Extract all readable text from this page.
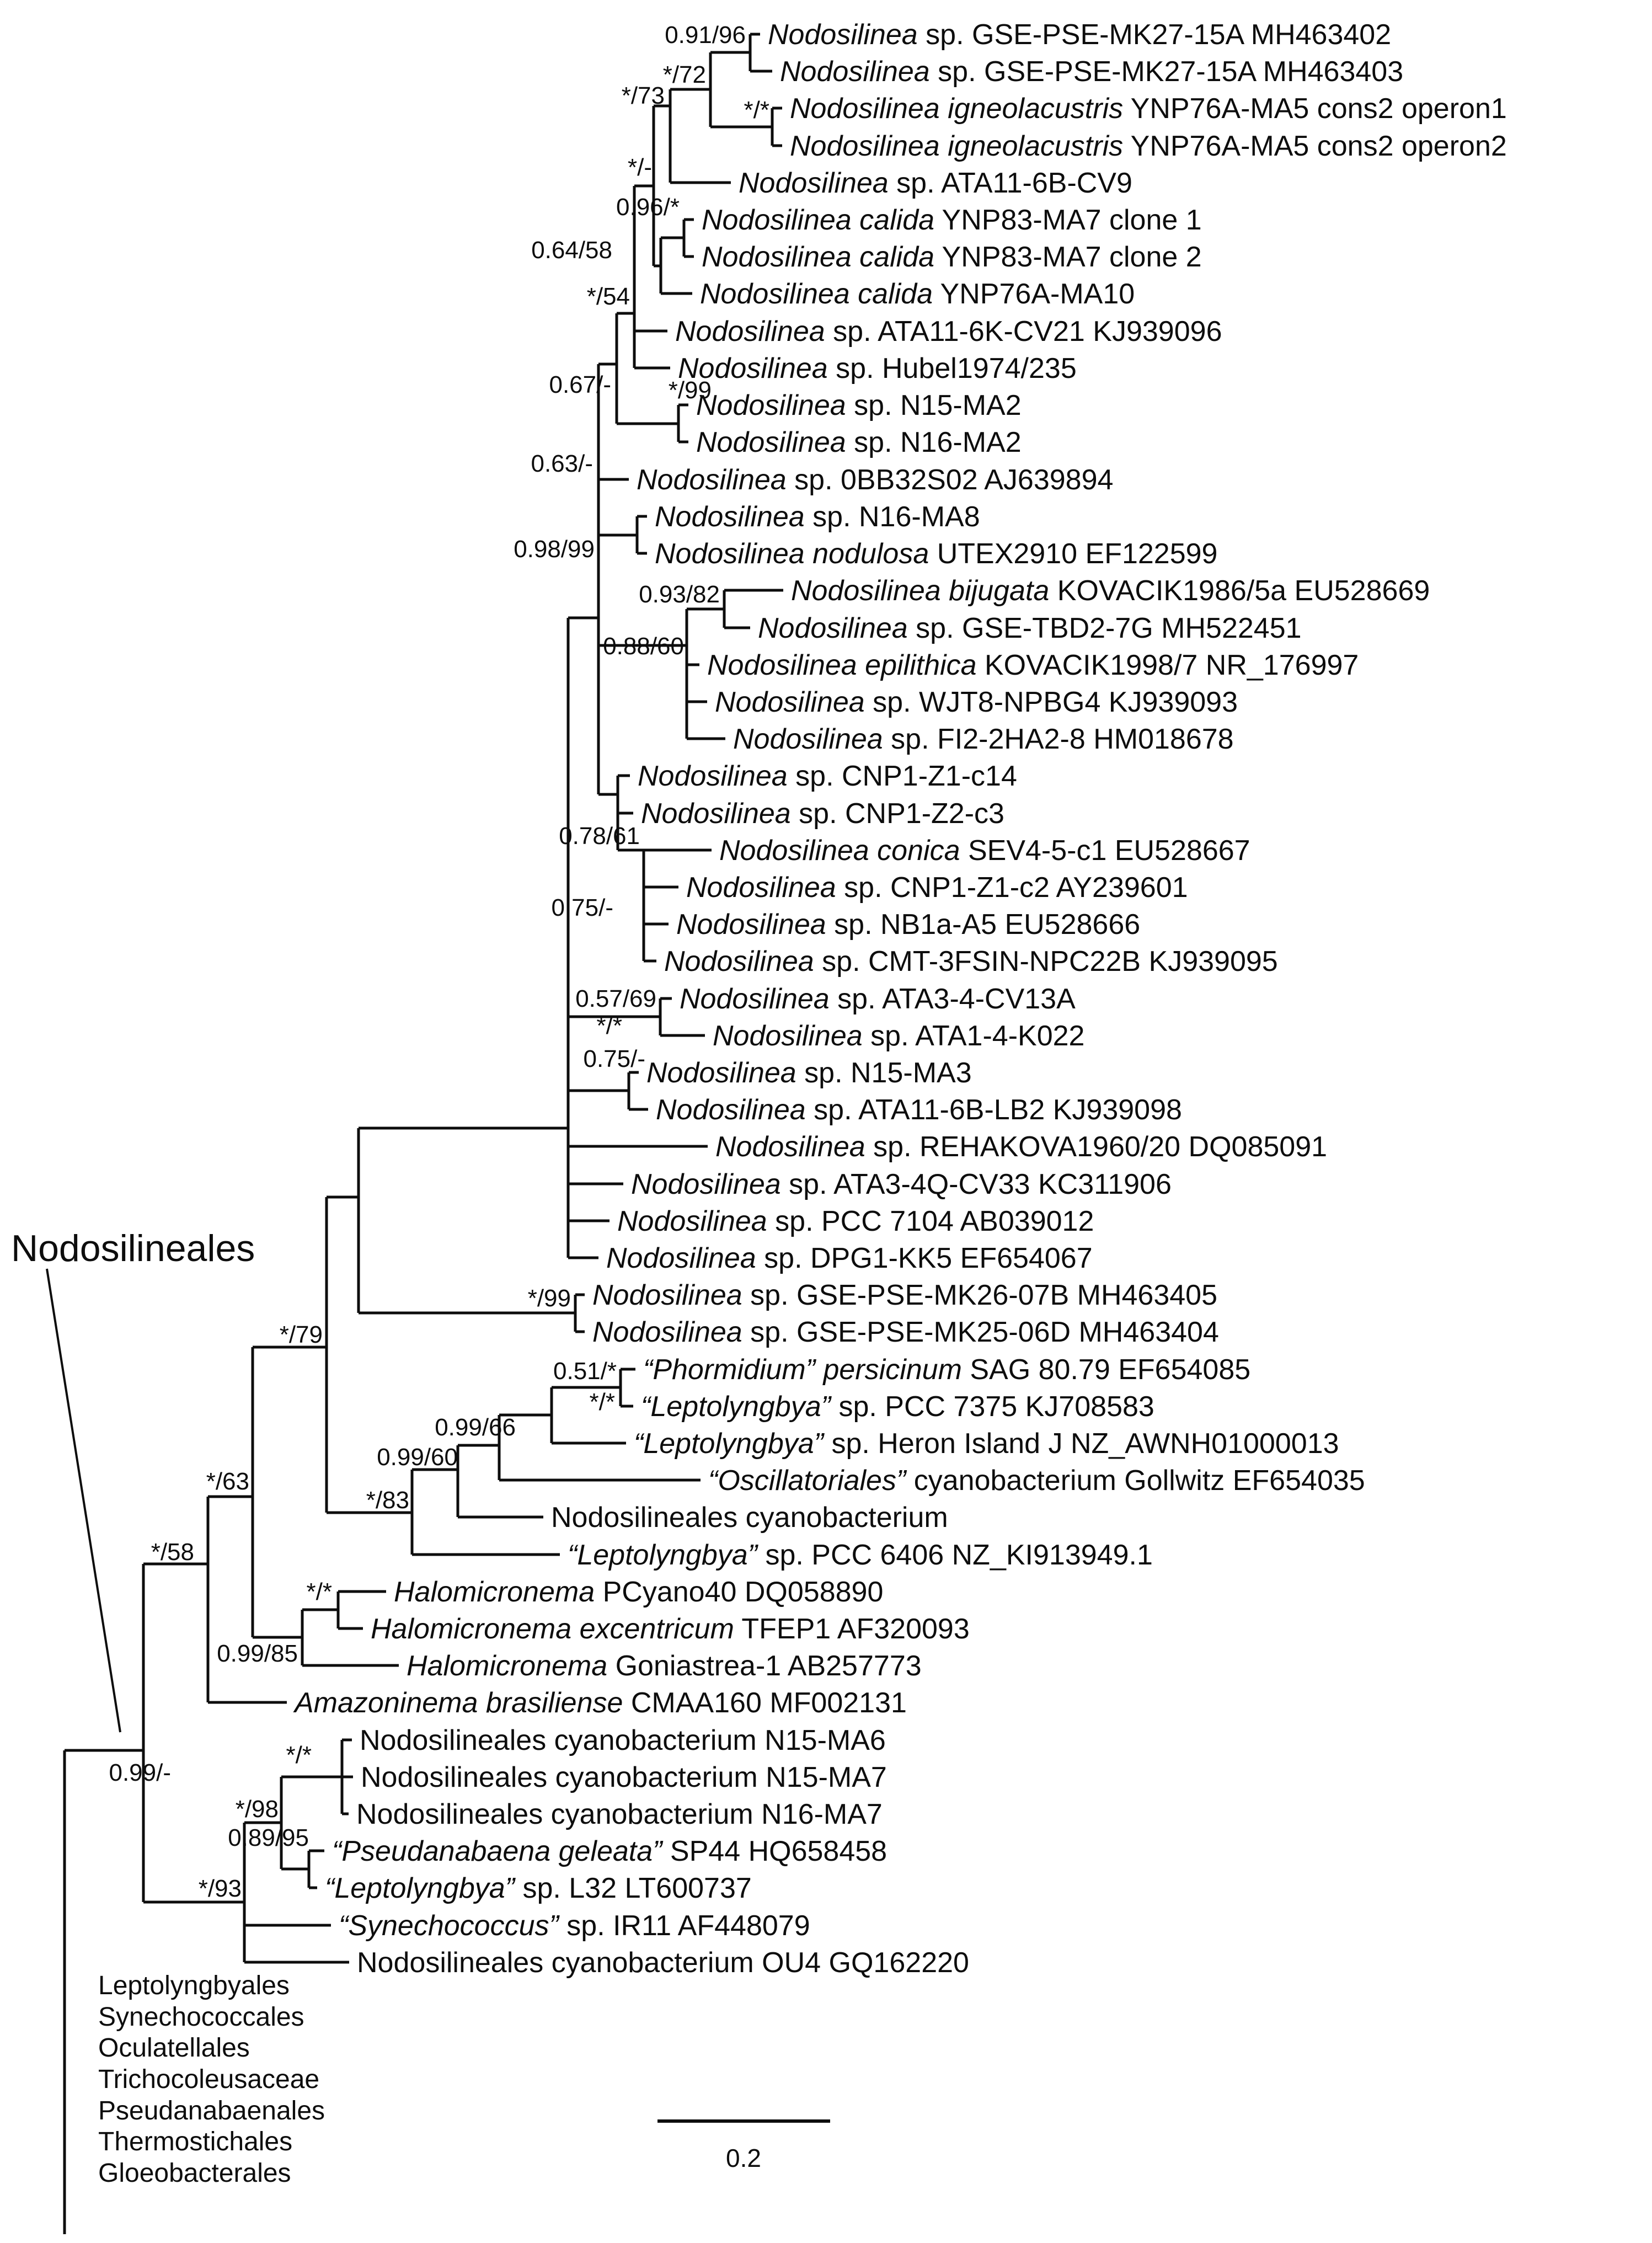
0.91/96
*/72
*/*
*/73
*/-
0.96/*
0.64/58
*/54
0.67/- */99
0.63/-
0.98/99
0.93/82
0.88/60
0.78/61
0.75/-
0.57/69
*/*
0.75/-
*/99
*/79
*/63
*/58
0.99/-
0.51/*
*/*
0.99/66
0.99/60
*/83
*/*
0.99/85
*/98
*/*
0.89/95
*/93
Nodosilinea sp. GSE-PSE-MK27-15A MH463402
Nodosilinea sp. GSE-PSE-MK27-15A MH463403
Nodosilinea igneolacustris YNP76A-MA5 cons2 operon1
Nodosilinea igneolacustris YNP76A-MA5 cons2 operon2
Nodosilinea sp. ATA11-6B-CV9
Nodosilinea calida YNP83-MA7 clone 1
Nodosilinea calida YNP83-MA7 clone 2
Nodosilinea calida YNP76A-MA10
Nodosilinea sp. ATA11-6K-CV21 KJ939096
Nodosilinea sp. Hubel1974/235
Nodosilinea sp. N15-MA2
Nodosilinea sp. N16-MA2
Nodosilinea sp. 0BB32S02 AJ639894
Nodosilinea sp. N16-MA8
Nodosilinea nodulosa UTEX2910 EF122599
Nodosilinea bijugata KOVACIK1986/5a EU528669
Nodosilinea sp. GSE-TBD2-7G MH522451
Nodosilinea epilithica KOVACIK1998/7 NR_176997
Nodosilinea sp. WJT8-NPBG4 KJ939093
Nodosilinea sp. FI2-2HA2-8 HM018678
Nodosilinea sp. CNP1-Z1-c14
Nodosilinea sp. CNP1-Z2-c3
Nodosilinea conica SEV4-5-c1 EU528667
Nodosilinea sp. CNP1-Z1-c2 AY239601
Nodosilinea sp. NB1a-A5 EU528666
Nodosilinea sp. CMT-3FSIN-NPC22B KJ939095
Nodosilinea sp. ATA3-4-CV13A
Nodosilinea sp. ATA1-4-K022
Nodosilinea sp. N15-MA3
Nodosilinea sp. ATA11-6B-LB2 KJ939098
Nodosilinea sp. REHAKOVA1960/20 DQ085091
Nodosilinea sp. ATA3-4Q-CV33 KC311906
Nodosilinea sp. PCC 7104 AB039012
Nodosilinea sp. DPG1-KK5 EF654067
Nodosilinea sp. GSE-PSE-MK26-07B MH463405
Nodosilinea sp. GSE-PSE-MK25-06D MH463404
“Phormidium” persicinum SAG 80.79 EF654085
“Leptolyngbya” sp. PCC 7375 KJ708583
“Leptolyngbya” sp. Heron Island J NZ_AWNH01000013
“Oscillatoriales” cyanobacterium Gollwitz EF654035
Nodosilineales cyanobacterium
“Leptolyngbya” sp. PCC 6406 NZ_KI913949.1
Halomicronema PCyano40 DQ058890
Halomicronema excentricum TFEP1 AF320093
Halomicronema Goniastrea-1 AB257773
Amazoninema brasiliense CMAA160 MF002131
Nodosilineales cyanobacterium N15-MA6
Nodosilineales cyanobacterium N15-MA7
Nodosilineales cyanobacterium N16-MA7
“Pseudanabaena geleata” SP44 HQ658458
“Leptolyngbya” sp. L32 LT600737
“Synechococcus” sp. IR11 AF448079
Nodosilineales cyanobacterium OU4 GQ162220
Nodosilineales
Leptolyngbyales
Synechococcales
Oculatellales
Trichocoleusaceae
Pseudanabaenales
Thermostichales
Gloeobacterales
0.2
